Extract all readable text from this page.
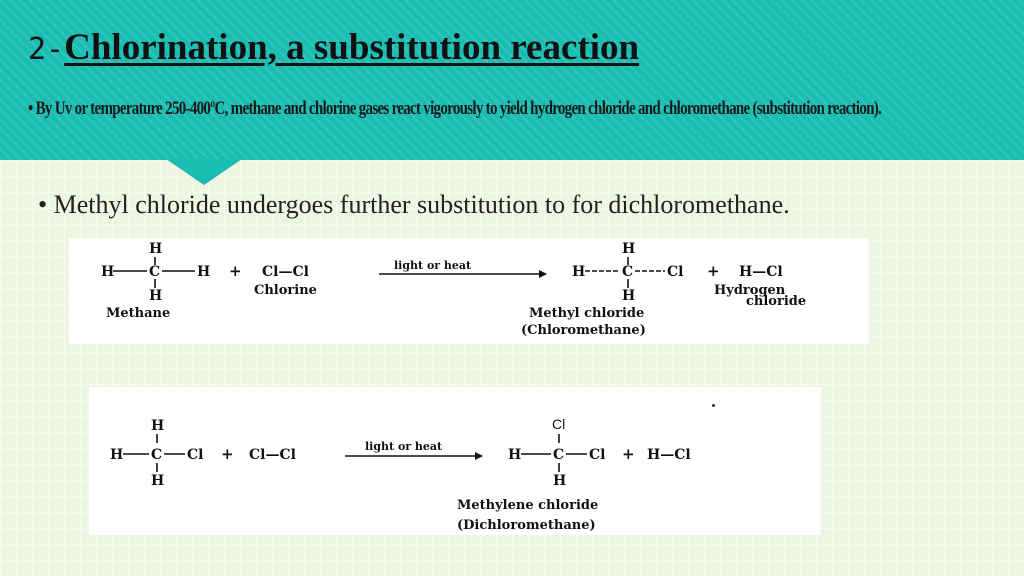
2-Chlorination, a substitution reaction
• By Uv or temperature 250-400ºC, methane and chlorine gases react vigorously to yield hydrogen chloride and chloromethane (substitution reaction).
• Methyl chloride undergoes further substitution to for dichloromethane.
H
H C	H
H
Methane
+ Cl—Cl
Chlorine
light or heat
H
H	C Cl
H
Methyl chloride
(Chloromethane)
+ H—Cl
Hydrogen
chloride
H
H C Cl
H
+ Cl—Cl
light or heat
Cl
H C Cl
H
+ H—Cl
Methylene chloride
(Dichloromethane)
